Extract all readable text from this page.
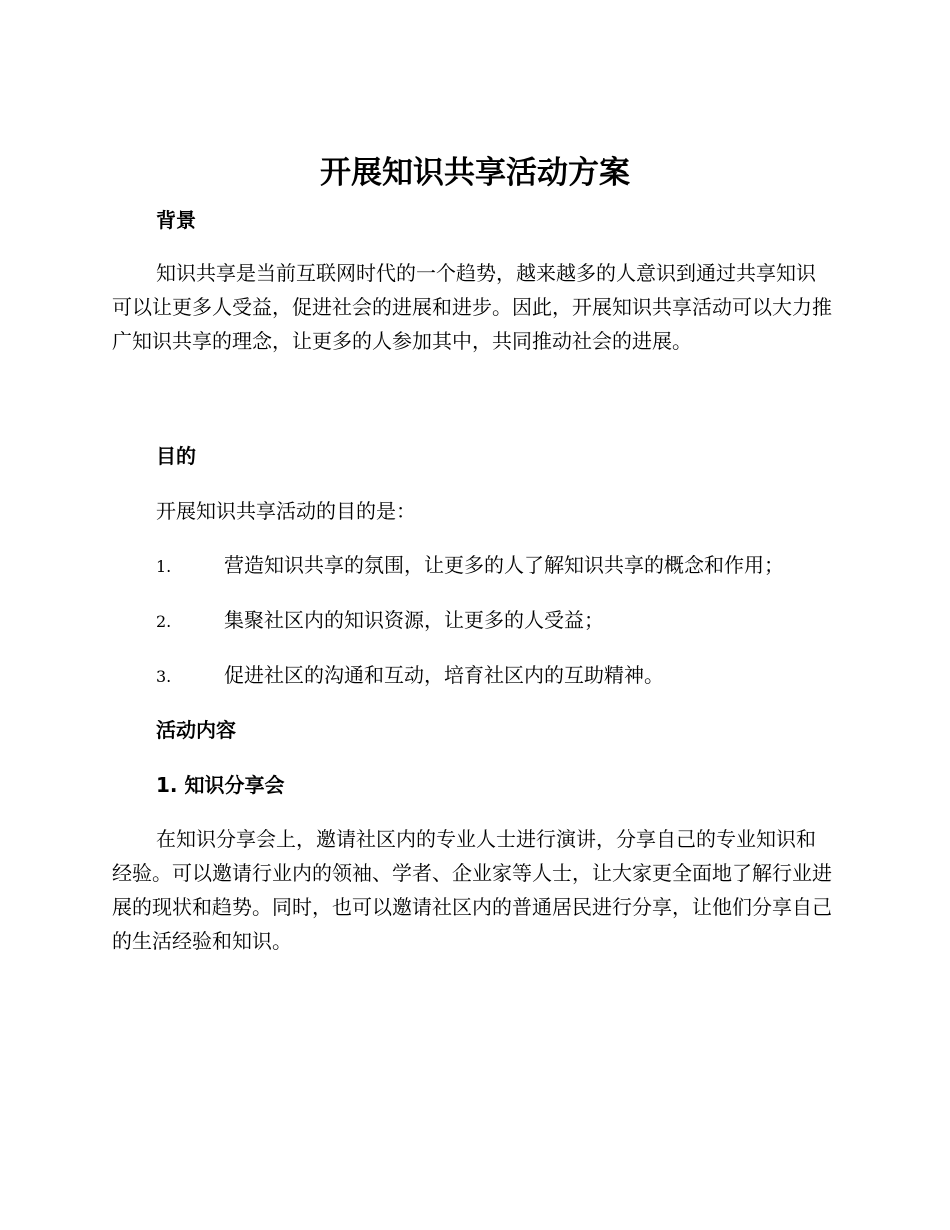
开展知识共享活动方案
背景

知识共享是当前互联网时代的一个趋势，越来越多的人意识到通过共享知识可以让更多人受益，促进社会的进展和进步。因此，开展知识共享活动可以大力推广知识共享的理念，让更多的人参加其中，共同推动社会的进展。

目的

开展知识共享活动的目的是：

1.	营造知识共享的氛围，让更多的人了解知识共享的概念和作用；
2.	集聚社区内的知识资源，让更多的人受益；
3.	促进社区的沟通和互动，培育社区内的互助精神。
活动内容
1. 知识分享会

在知识分享会上，邀请社区内的专业人士进行演讲，分享自己的专业知识和经验。可以邀请行业内的领袖、学者、企业家等人士，让大家更全面地了解行业进展的现状和趋势。同时，也可以邀请社区内的普通居民进行分享，让他们分享自己的生活经验和知识。
